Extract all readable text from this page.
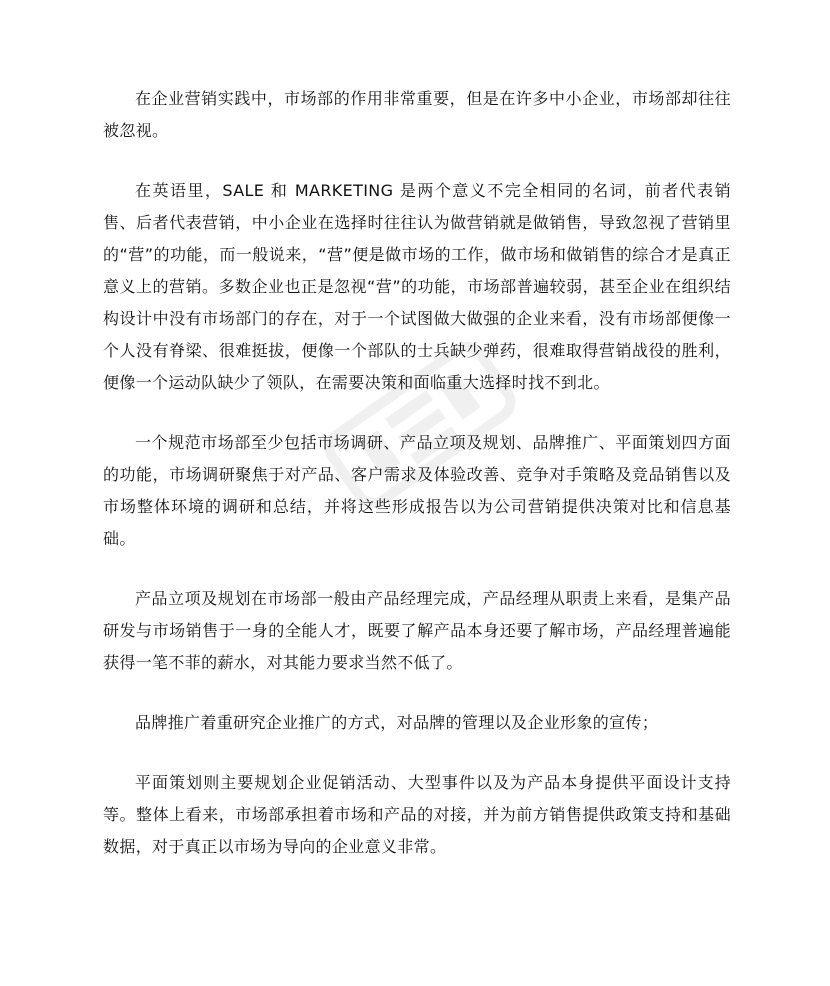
在企业营销实践中，市场部的作用非常重要，但是在许多中小企业，市场部却往往被忽视。

在英语里，SALE 和 MARKETING 是两个意义不完全相同的名词，前者代表销售、后者代表营销，中小企业在选择时往往认为做营销就是做销售，导致忽视了营销里的“营”的功能，而一般说来，“营”便是做市场的工作，做市场和做销售的综合才是真正意义上的营销。多数企业也正是忽视“营”的功能，市场部普遍较弱，甚至企业在组织结构设计中没有市场部门的存在，对于一个试图做大做强的企业来看，没有市场部便像一个人没有脊梁、很难挺拔，便像一个部队的士兵缺少弹药，很难取得营销战役的胜利，便像一个运动队缺少了领队，在需要决策和面临重大选择时找不到北。

一个规范市场部至少包括市场调研、产品立项及规划、品牌推广、平面策划四方面的功能，市场调研聚焦于对产品、客户需求及体验改善、竞争对手策略及竞品销售以及市场整体环境的调研和总结，并将这些形成报告以为公司营销提供决策对比和信息基础。

产品立项及规划在市场部一般由产品经理完成，产品经理从职责上来看，是集产品研发与市场销售于一身的全能人才，既要了解产品本身还要了解市场，产品经理普遍能获得一笔不菲的薪水，对其能力要求当然不低了。

品牌推广着重研究企业推广的方式，对品牌的管理以及企业形象的宣传；

平面策划则主要规划企业促销活动、大型事件以及为产品本身提供平面设计支持等。整体上看来，市场部承担着市场和产品的对接，并为前方销售提供政策支持和基础数据，对于真正以市场为导向的企业意义非常。
